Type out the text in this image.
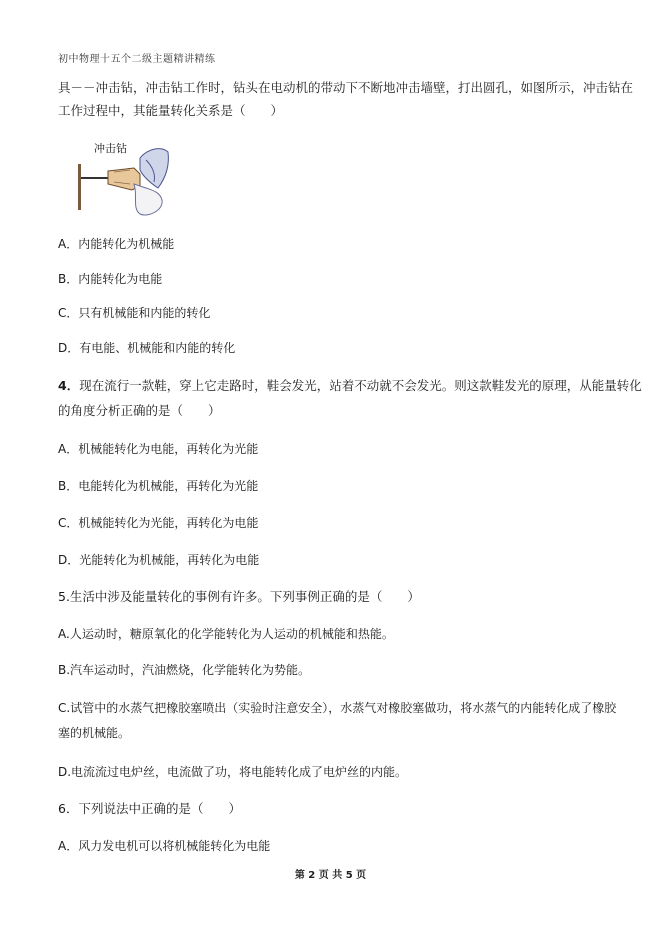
初中物理十五个二级主题精讲精练
具－－冲击钻，冲击钻工作时，钻头在电动机的带动下不断地冲击墙壁，打出圆孔，如图所示，冲击钻在
工作过程中，其能量转化关系是（　　）
冲击钻
A．内能转化为机械能
B．内能转化为电能
C．只有机械能和内能的转化
D．有电能、机械能和内能的转化
4．现在流行一款鞋，穿上它走路时，鞋会发光，站着不动就不会发光。则这款鞋发光的原理，从能量转化
的角度分析正确的是（　　）
A．机械能转化为电能，再转化为光能
B．电能转化为机械能，再转化为光能
C．机械能转化为光能，再转化为电能
D．光能转化为机械能，再转化为电能
5.生活中涉及能量转化的事例有许多。下列事例正确的是（　　）
A.人运动时，糖原氧化的化学能转化为人运动的机械能和热能。
B.汽车运动时，汽油燃烧，化学能转化为势能。
C.试管中的水蒸气把橡胶塞喷出（实验时注意安全），水蒸气对橡胶塞做功，将水蒸气的内能转化成了橡胶
塞的机械能。
D.电流流过电炉丝，电流做了功，将电能转化成了电炉丝的内能。
6．下列说法中正确的是（　　）
A．风力发电机可以将机械能转化为电能
第 2 页 共 5 页
